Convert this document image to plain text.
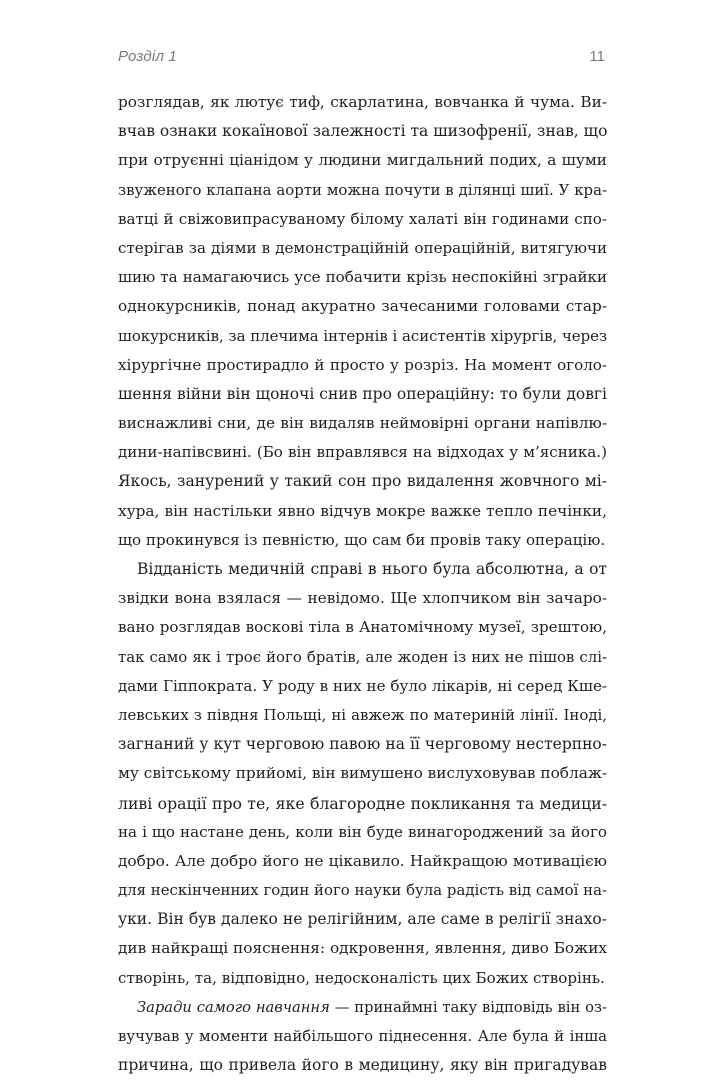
Розділ 1	11
розглядав, як лютує тиф, скарлатина, вовчанка й чума. Ви-
вчав ознаки кокаїнової залежності та шизофренії, знав, що
при отруєнні ціанідом у людини мигдальний подих, а шуми
звуженого клапана аорти можна почути в ділянці шиї. У кра-
ватці й свіжовипрасуваному білому халаті він годинами спо-
стерігав за діями в демонстраційній операційній, витягуючи
шию та намагаючись усе побачити крізь неспокійні зграйки
однокурсників, понад акуратно зачесаними головами стар-
шокурсників, за плечима інтернів і асистентів хірургів, через
хірургічне простирадло й просто у розріз. На момент оголо-
шення війни він щоночі снив про операційну: то були довгі
виснажливі сни, де він видаляв неймовірні органи напівлю-
дини-напівсвині. (Бо він вправлявся на відходах у м’ясника.)
Якось, занурений у такий сон про видалення жовчного мі-
хура, він настільки явно відчув мокре важке тепло печінки,
що прокинувся із певністю, що сам би провів таку операцію.
Відданість медичній справі в нього була абсолютна, а от
звідки вона взялася — невідомо. Ще хлопчиком він зачаро-
вано розглядав воскові тіла в Анатомічному музеї, зрештою,
так само як і троє його братів, але жоден із них не пішов слі-
дами Гіппократа. У роду в них не було лікарів, ні серед Кше-
левських з півдня Польщі, ні авжеж по материній лінії. Іноді,
загнаний у кут черговою павою на її черговому нестерпно-
му світському прийомі, він вимушено вислуховував поблаж-
ливі орації про те, яке благородне покликання та медици-
на і що настане день, коли він буде винагороджений за його
добро. Але добро його не цікавило. Найкращою мотивацією
для нескінченних годин його науки була радість від самої на-
уки. Він був далеко не релігійним, але саме в релігії знахо-
див найкращі пояснення: одкровення, явлення, диво Божих
створінь, та, відповідно, недосконалість цих Божих створінь.
Заради самого навчання — принаймні таку відповідь він оз-
вучував у моменти найбільшого піднесення. Але була й інша
причина, що привела його в медицину, яку він пригадував
